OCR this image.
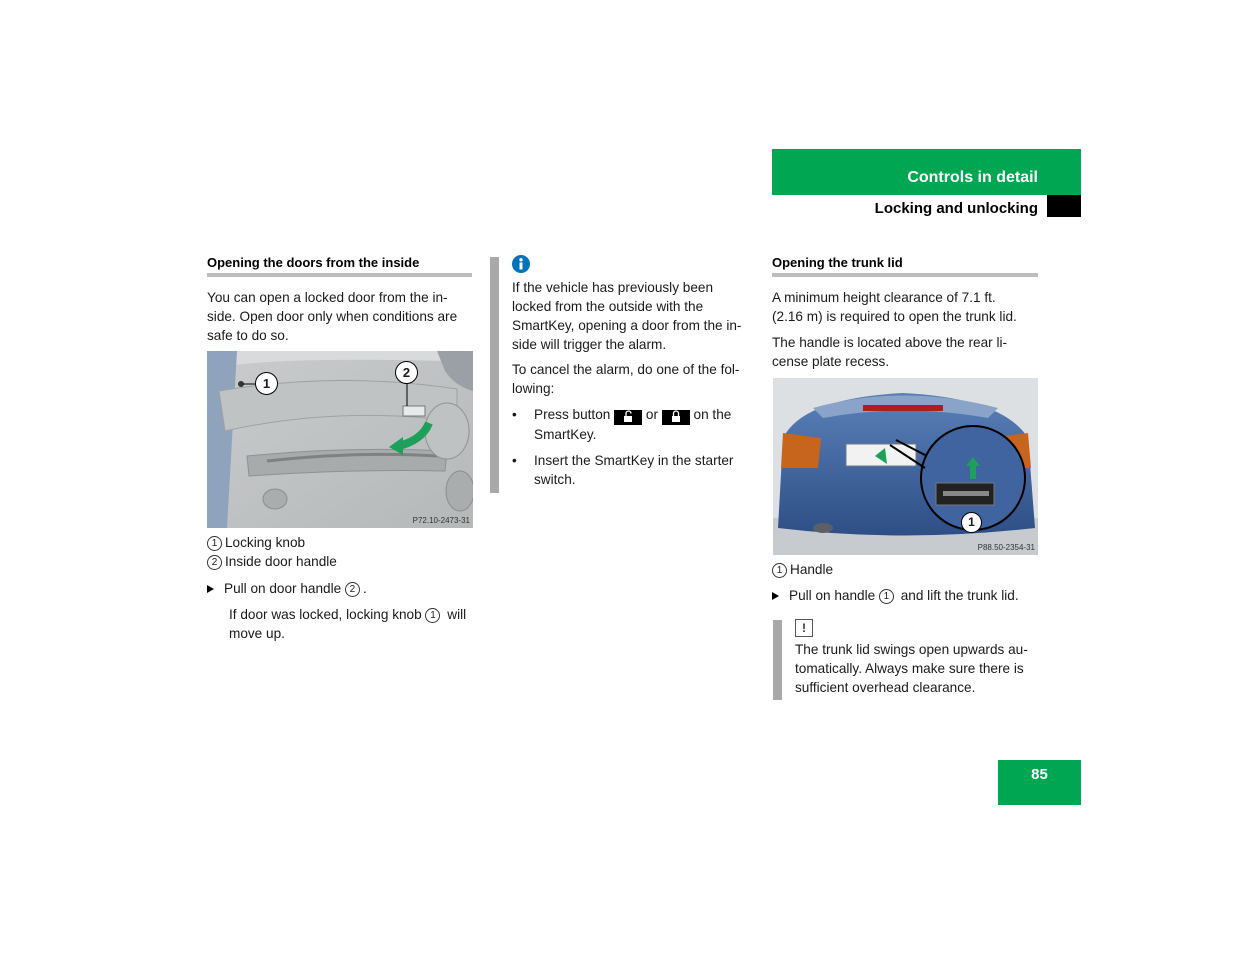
Controls in detail
Locking and unlocking
Opening the doors from the inside
You can open a locked door from the in-
side. Open door only when conditions are
safe to do so.
1
2
P72.10-2473-31
1 Locking knob
2 Inside door handle
Pull on door handle 2 .
If door was locked, locking knob 1 will
move up.
If the vehicle has previously been
locked from the outside with the
SmartKey, opening a door from the in-
side will trigger the alarm.
To cancel the alarm, do one of the fol-
lowing:
•	Press button  or  on the
SmartKey.
• Insert the SmartKey in the starter
switch.
Opening the trunk lid
A minimum height clearance of 7.1 ft.
(2.16 m) is required to open the trunk lid.
The handle is located above the rear li-
cense plate recess.
1
P88.50-2354-31
1 Handle
Pull on handle 1 and lift the trunk lid.
!
The trunk lid swings open upwards au-
tomatically. Always make sure there is
sufficient overhead clearance.
85
